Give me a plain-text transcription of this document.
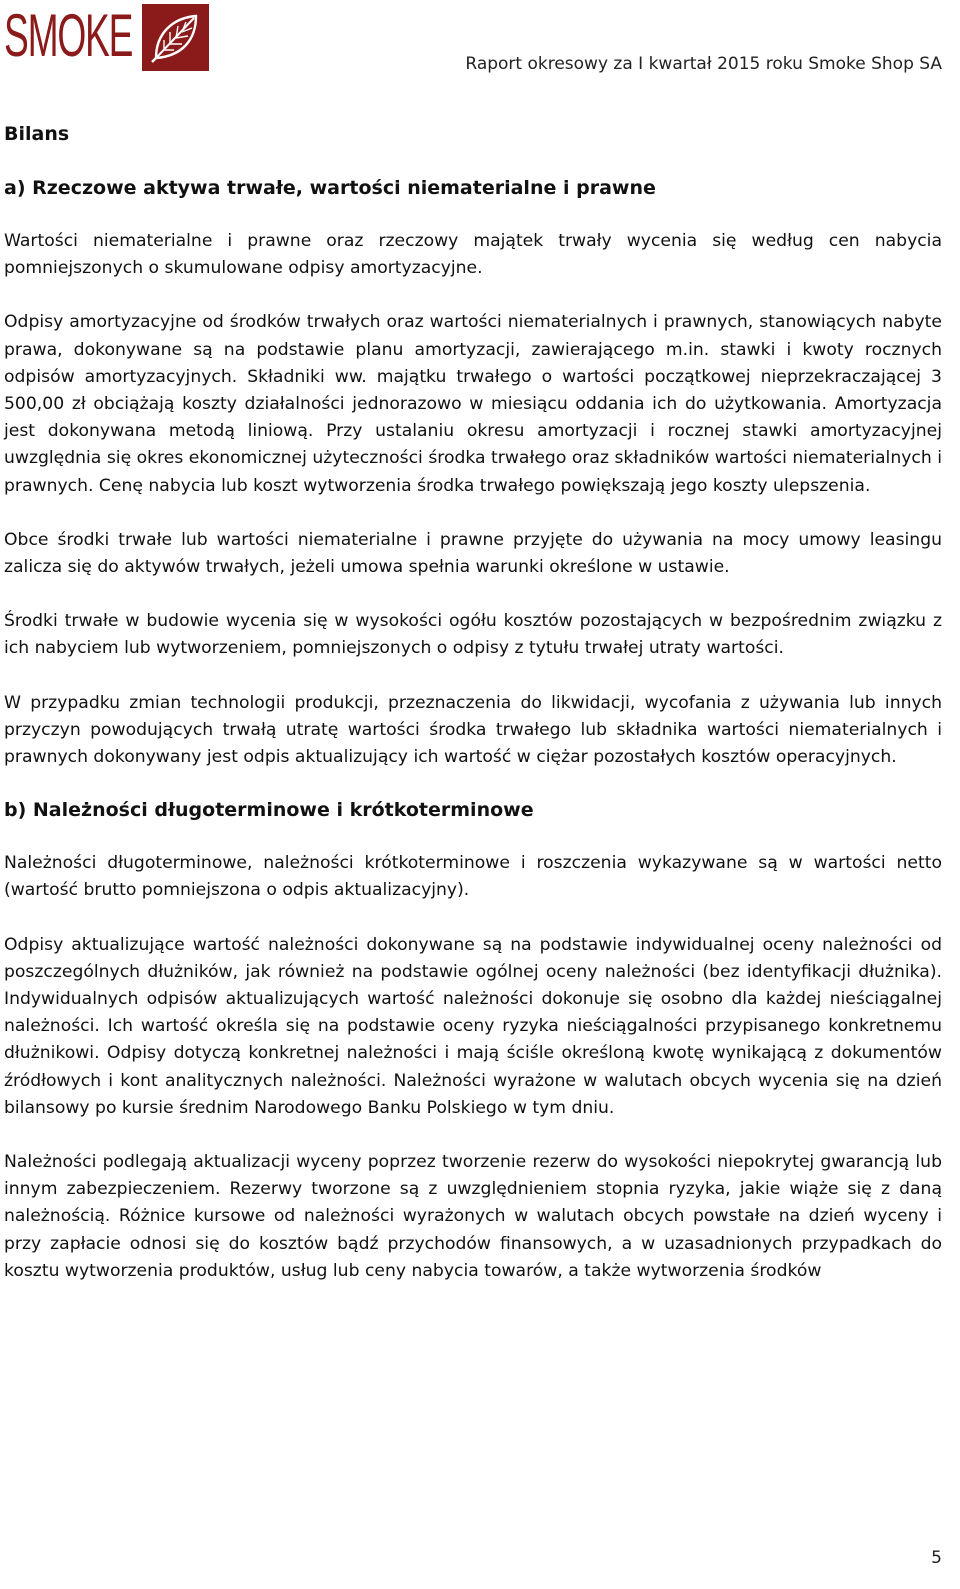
SMOKE	Raport okresowy za I kwartał 2015 roku Smoke Shop SA
Bilans
a) Rzeczowe aktywa trwałe, wartości niematerialne i prawne

Wartości niematerialne i prawne oraz rzeczowy majątek trwały wycenia się według cen nabycia pomniejszonych o skumulowane odpisy amortyzacyjne.

Odpisy amortyzacyjne od środków trwałych oraz wartości niematerialnych i prawnych, stanowiących nabyte prawa, dokonywane są na podstawie planu amortyzacji, zawierającego m.in. stawki i kwoty rocznych odpisów amortyzacyjnych. Składniki ww. majątku trwałego o wartości początkowej nieprzekraczającej 3 500,00 zł obciążają koszty działalności jednorazowo w miesiącu oddania ich do użytkowania. Amortyzacja jest dokonywana metodą liniową. Przy ustalaniu okresu amortyzacji i rocznej stawki amortyzacyjnej uwzględnia się okres ekonomicznej użyteczności środka trwałego oraz składników wartości niematerialnych i prawnych. Cenę nabycia lub koszt wytworzenia środka trwałego powiększają jego koszty ulepszenia.

Obce środki trwałe lub wartości niematerialne i prawne przyjęte do używania na mocy umowy leasingu zalicza się do aktywów trwałych, jeżeli umowa spełnia warunki określone w ustawie.

Środki trwałe w budowie wycenia się w wysokości ogółu kosztów pozostających w bezpośrednim związku z ich nabyciem lub wytworzeniem, pomniejszonych o odpisy z tytułu trwałej utraty wartości.

W przypadku zmian technologii produkcji, przeznaczenia do likwidacji, wycofania z używania lub innych przyczyn powodujących trwałą utratę wartości środka trwałego lub składnika wartości niematerialnych i prawnych dokonywany jest odpis aktualizujący ich wartość w ciężar pozostałych kosztów operacyjnych.

b) Należności długoterminowe i krótkoterminowe

Należności długoterminowe, należności krótkoterminowe i roszczenia wykazywane są w wartości netto (wartość brutto pomniejszona o odpis aktualizacyjny).

Odpisy aktualizujące wartość należności dokonywane są na podstawie indywidualnej oceny należności od poszczególnych dłużników, jak również na podstawie ogólnej oceny należności (bez identyfikacji dłużnika). Indywidualnych odpisów aktualizujących wartość należności dokonuje się osobno dla każdej nieściągalnej należności. Ich wartość określa się na podstawie oceny ryzyka nieściągalności przypisanego konkretnemu dłużnikowi. Odpisy dotyczą konkretnej należności i mają ściśle określoną kwotę wynikającą z dokumentów źródłowych i kont analitycznych należności. Należności wyrażone w walutach obcych wycenia się na dzień bilansowy po kursie średnim Narodowego Banku Polskiego w tym dniu.

Należności podlegają aktualizacji wyceny poprzez tworzenie rezerw do wysokości niepokrytej gwarancją lub innym zabezpieczeniem. Rezerwy tworzone są z uwzględnieniem stopnia ryzyka, jakie wiąże się z daną należnością. Różnice kursowe od należności wyrażonych w walutach obcych powstałe na dzień wyceny i przy zapłacie odnosi się do kosztów bądź przychodów finansowych, a w uzasadnionych przypadkach do kosztu wytworzenia produktów, usług lub ceny nabycia towarów, a także wytworzenia środków

5
